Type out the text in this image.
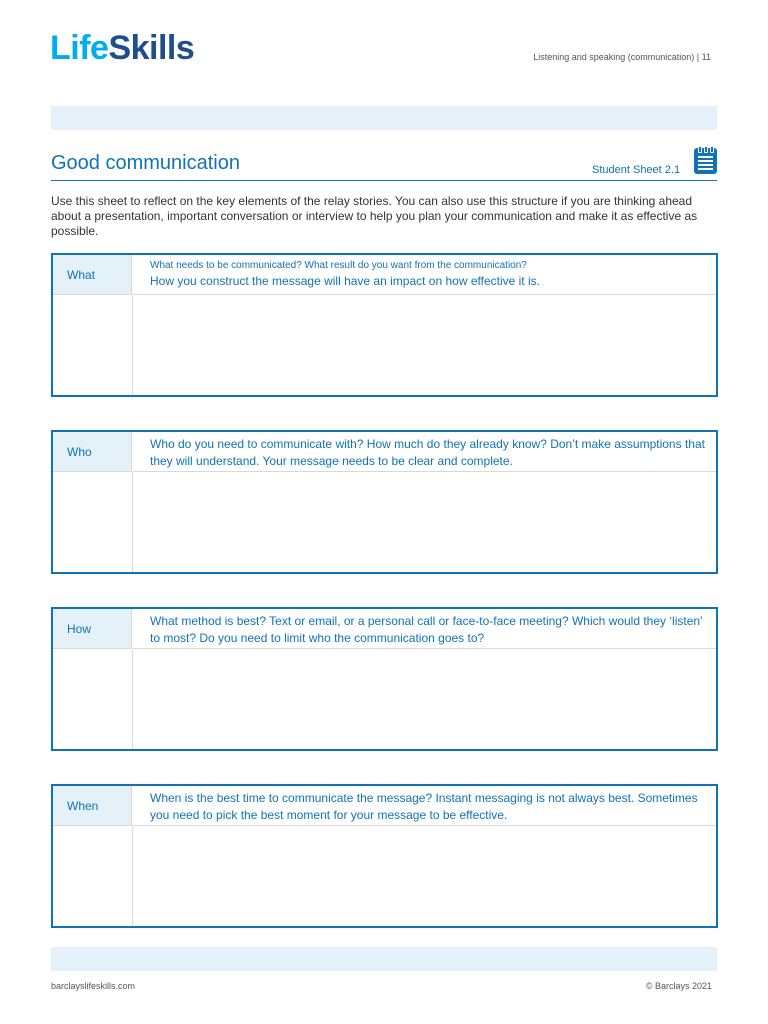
LifeSkills	Listening and speaking (communication) | 11
Good communication	Student Sheet 2.1
Use this sheet to reflect on the key elements of the relay stories. You can also use this structure if you are thinking ahead about a presentation, important conversation or interview to help you plan your communication and make it as effective as possible.
What
What needs to be communicated? What result do you want from the communication?
How you construct the message will have an impact on how effective it is.
Who
Who do you need to communicate with? How much do they already know? Don’t make assumptions that they will understand. Your message needs to be clear and complete.
How
What method is best? Text or email, or a personal call or face-to-face meeting? Which would they ‘listen’ to most? Do you need to limit who the communication goes to?
When
When is the best time to communicate the message? Instant messaging is not always best. Sometimes you need to pick the best moment for your message to be effective.
barclayslifeskills.com	© Barclays 2021
